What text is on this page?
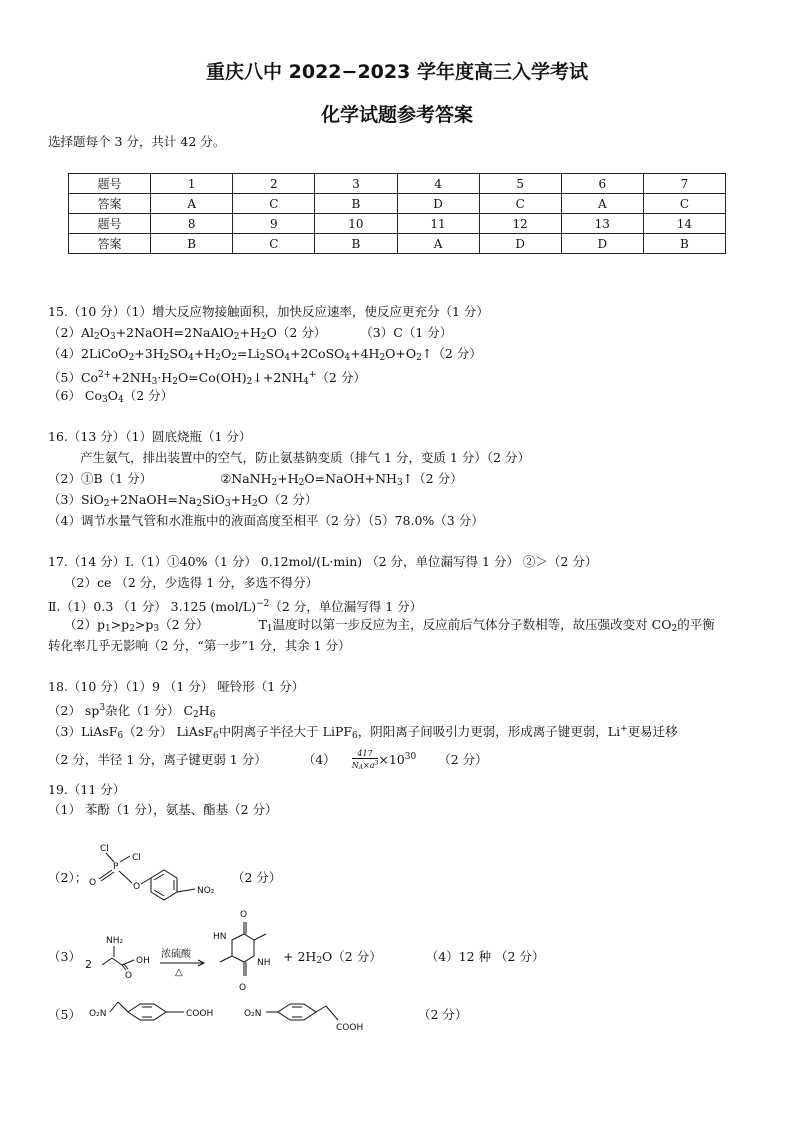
重庆八中 2022−2023 学年度高三入学考试
化学试题参考答案
选择题每个 3 分，共计 42 分。
题号	1	2	3	4	5	6	7
答案	A	C	B	D	C	A	C
题号	8	9	10	11	12	13	14
答案	B	C	B	A	D	D	B
15.（10 分）（1）增大反应物接触面积，加快反应速率，使反应更充分（1 分）
$(2)Al_2O_3+2NaOH=2NaAlO_2+H_2O(2$ 分）	（3）C（1 分）
$(4)2LiCoO_2+3H_2SO_4+H_2O_2=Li_2SO_4+2CoSO_4+4H_2O+O_2↑(2$ 分）
$(5)Co^{2+}+2NH_3\cdot H_2O=Co(OH)_2↓+2NH_4^+(2$ 分）
（6） $Co_3O_4(2$ 分）
16.（13 分）（1）圆底烧瓶（1 分）
产生氨气，排出装置中的空气，防止氨基钠变质（排气 1 分，变质 1 分）（2 分）
（2）①B（1 分）	$②NaNH_2+H_2O=NaOH+NH_3↑(2$ 分）
$(3)SiO_2+2NaOH=Na_2SiO_3+H_2O(2$ 分）
（4）调节水量气管和水准瓶中的液面高度至相平（2 分）（5）78.0%（3 分）
17.（14 分）Ⅰ.（1）①40%（1 分） 0.12mol/(L·min) （2 分，单位漏写得 1 分） ②＞（2 分）
（2）ce （2 分，少选得 1 分，多选不得分）
Ⅱ.（1）0.3 （1 分） 3.125 $(mol/L)^{-2}(2$ 分，单位漏写得 1 分）
$(2)p_1>p_2>p_3(2$ 分）	$T_1$温度时以第一步反应为主，反应前后气体分子数相等，故压强改变对 $CO_2$的平衡
转化率几乎无影响（2 分，“第一步”1 分，其余 1 分）
18.（10 分）（1）9 （1 分） 哑铃形（1 分）
（2） $sp^3$杂化（1 分） $C_2H_6$
（3）LiAsF$_6$（2 分） LiAsF$_6$中阴离子半径大于 LiPF$_6$，阴阳离子间吸引力更弱，形成离子键更弱，Li+更易迁移
（2 分，半径 1 分，离子键更弱 1 分）	$(4) \frac{417}{NA\times a^3} \times 10^{30}$ （2 分）
19.（11 分）
（1） 苯酚（1 分），氨基、酯基（2 分）
（2）；
Cl
Cl
P
O	O	NO₂
（2 分）
（3）
2
NH₂
OH
O
浓硫酸
△
O
HN
NH
O
+ $2H_2O(2$ 分）	（4）12 种 （2 分）
（5） O₂N	COOH	O₂N
COOH
（2 分）
